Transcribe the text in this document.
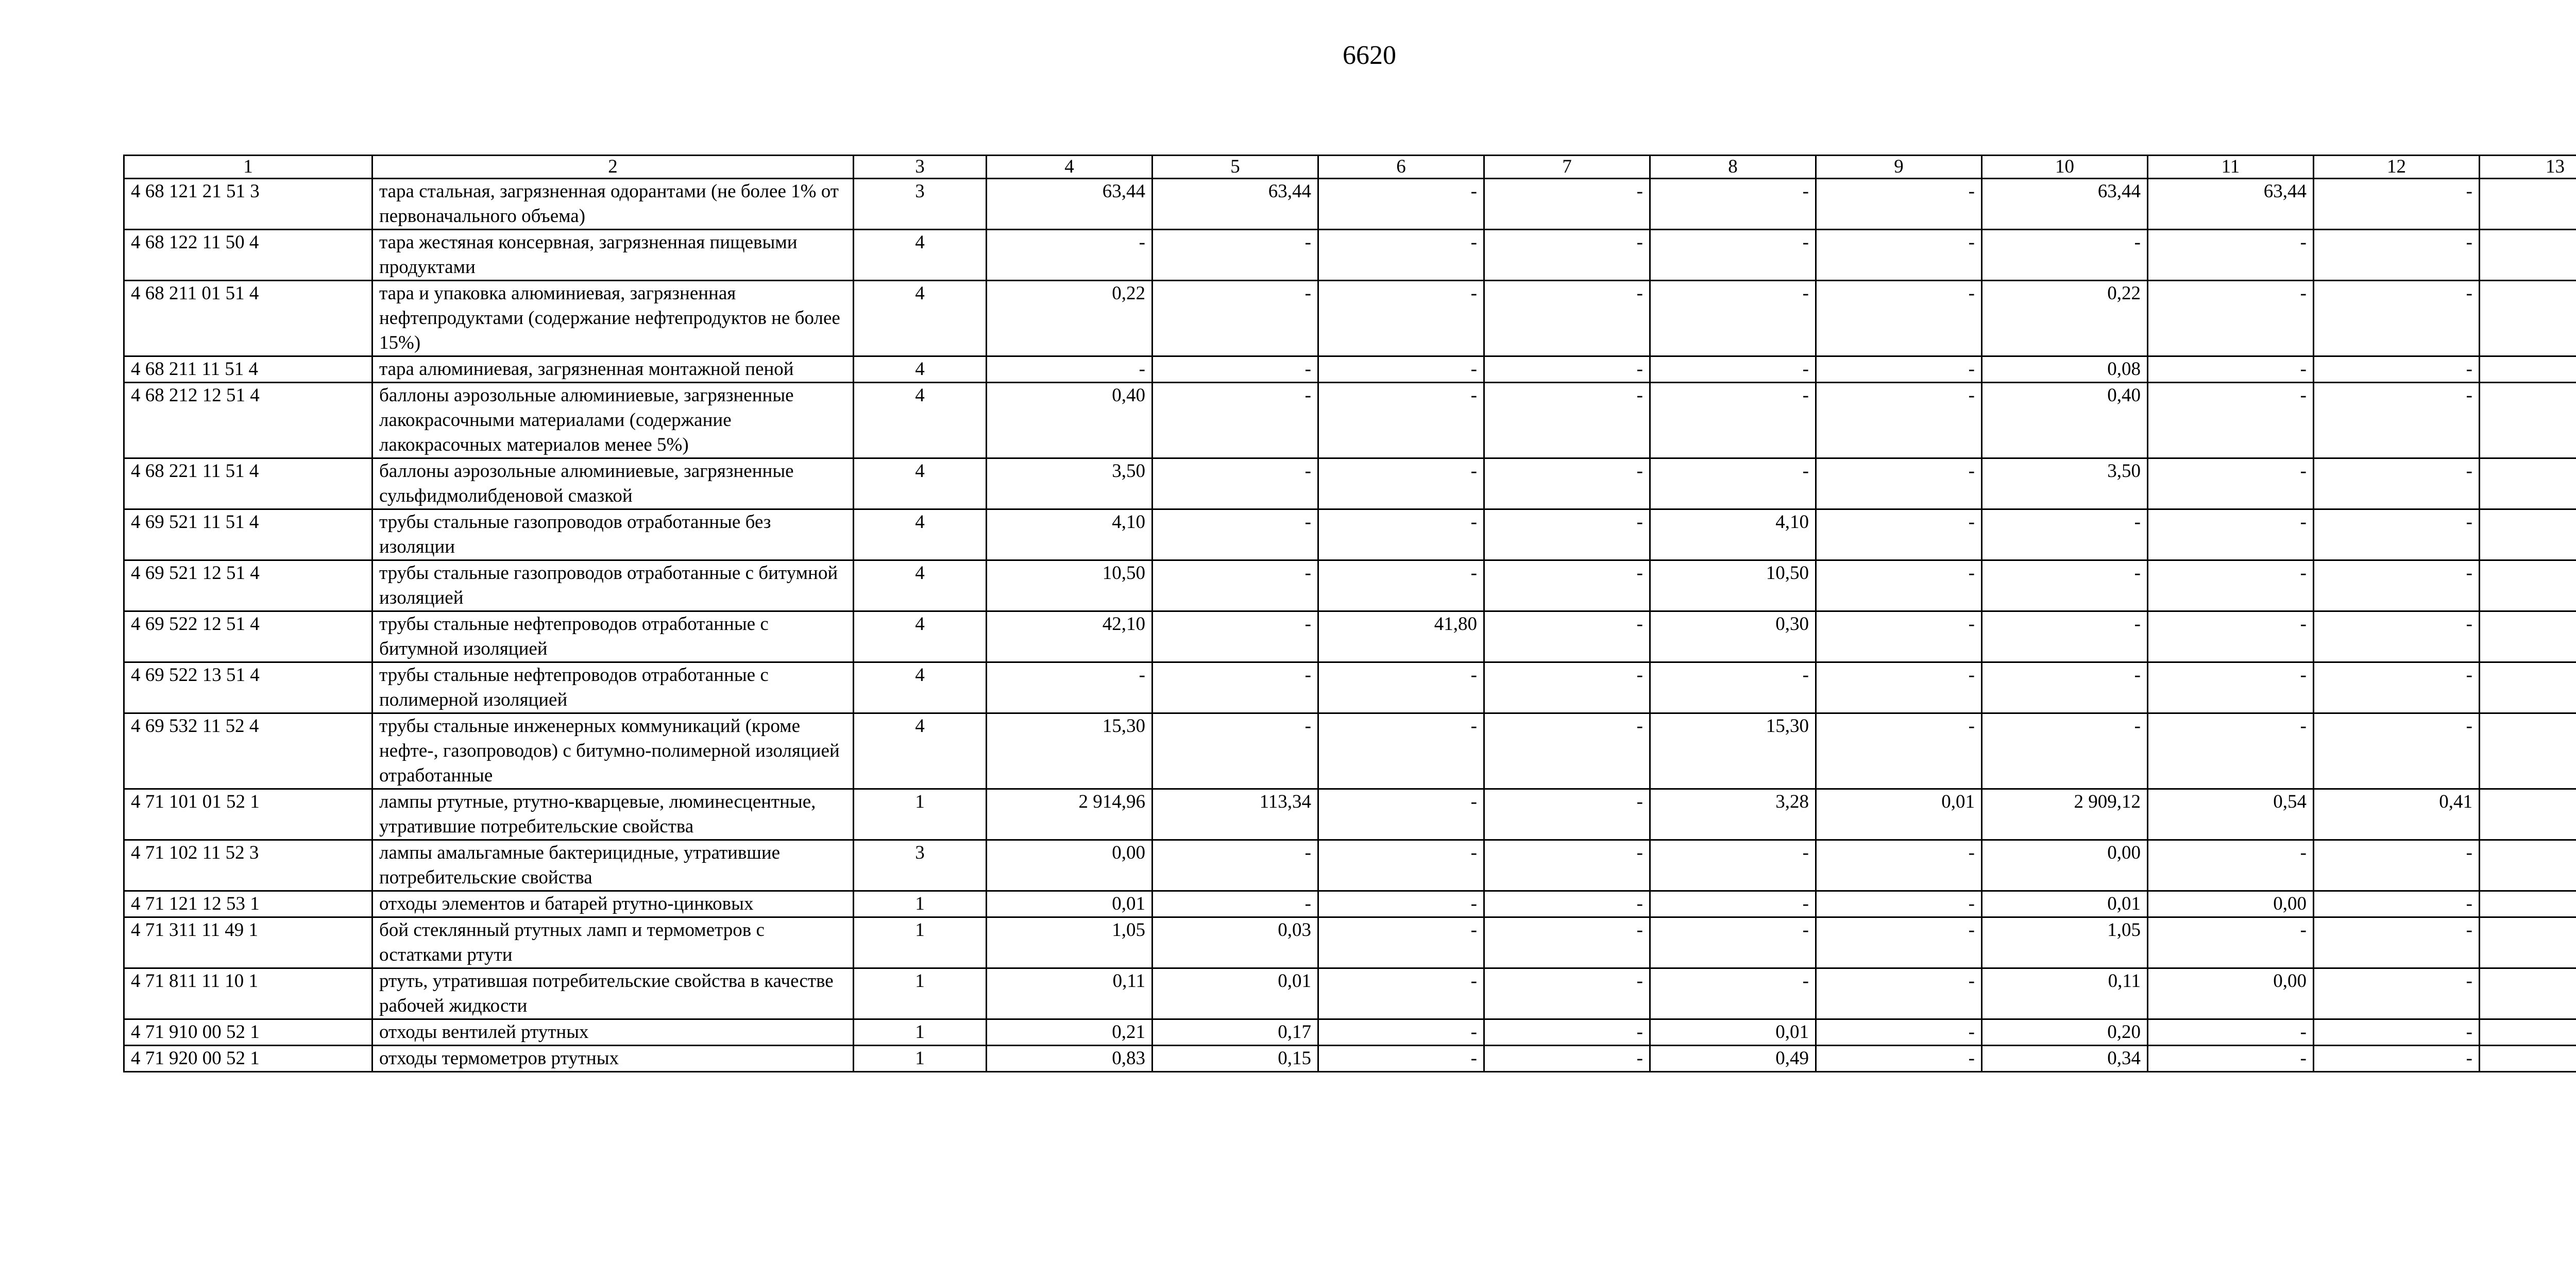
6620
1	2	3	4	5	6	7	8	9	10	11	12	13
4 68 121 21 51 3	тара стальная, загрязненная одорантами (не более 1% от первоначального объема)	3	63,44	63,44	-	-	-	-	63,44	63,44	-	
4 68 122 11 50 4	тара жестяная консервная, загрязненная пищевыми продуктами	4	-	-	-	-	-	-	-	-	-	
4 68 211 01 51 4	тара и упаковка алюминиевая, загрязненная нефтепродуктами (содержание нефтепродуктов не более 15%)	4	0,22	-	-	-	-	-	0,22	-	-	
4 68 211 11 51 4	тара алюминиевая, загрязненная монтажной пеной	4	-	-	-	-	-	-	0,08	-	-	
4 68 212 12 51 4	баллоны аэрозольные алюминиевые, загрязненные лакокрасочными материалами (содержание лакокрасочных материалов менее 5%)	4	0,40	-	-	-	-	-	0,40	-	-	
4 68 221 11 51 4	баллоны аэрозольные алюминиевые, загрязненные сульфидмолибденовой смазкой	4	3,50	-	-	-	-	-	3,50	-	-	
4 69 521 11 51 4	трубы стальные газопроводов отработанные без изоляции	4	4,10	-	-	-	4,10	-	-	-	-	
4 69 521 12 51 4	трубы стальные газопроводов отработанные с битумной изоляцией	4	10,50	-	-	-	10,50	-	-	-	-	
4 69 522 12 51 4	трубы стальные нефтепроводов отработанные с битумной изоляцией	4	42,10	-	41,80	-	0,30	-	-	-	-	
4 69 522 13 51 4	трубы стальные нефтепроводов отработанные с полимерной изоляцией	4	-	-	-	-	-	-	-	-	-	
4 69 532 11 52 4	трубы стальные инженерных коммуникаций (кроме нефте-, газопроводов) с битумно-полимерной изоляцией отработанные	4	15,30	-	-	-	15,30	-	-	-	-	
4 71 101 01 52 1	лампы ртутные, ртутно-кварцевые, люминесцентные, утратившие потребительские свойства	1	2 914,96	113,34	-	-	3,28	0,01	2 909,12	0,54	0,41	
4 71 102 11 52 3	лампы амальгамные бактерицидные, утратившие потребительские свойства	3	0,00	-	-	-	-	-	0,00	-	-	
4 71 121 12 53 1	отходы элементов и батарей ртутно-цинковых	1	0,01	-	-	-	-	-	0,01	0,00	-	
4 71 311 11 49 1	бой стеклянный ртутных ламп и термометров с остатками ртути	1	1,05	0,03	-	-	-	-	1,05	-	-	
4 71 811 11 10 1	ртуть, утратившая потребительские свойства в качестве рабочей жидкости	1	0,11	0,01	-	-	-	-	0,11	0,00	-	
4 71 910 00 52 1	отходы вентилей ртутных	1	0,21	0,17	-	-	0,01	-	0,20	-	-	
4 71 920 00 52 1	отходы термометров ртутных	1	0,83	0,15	-	-	0,49	-	0,34	-	-	
